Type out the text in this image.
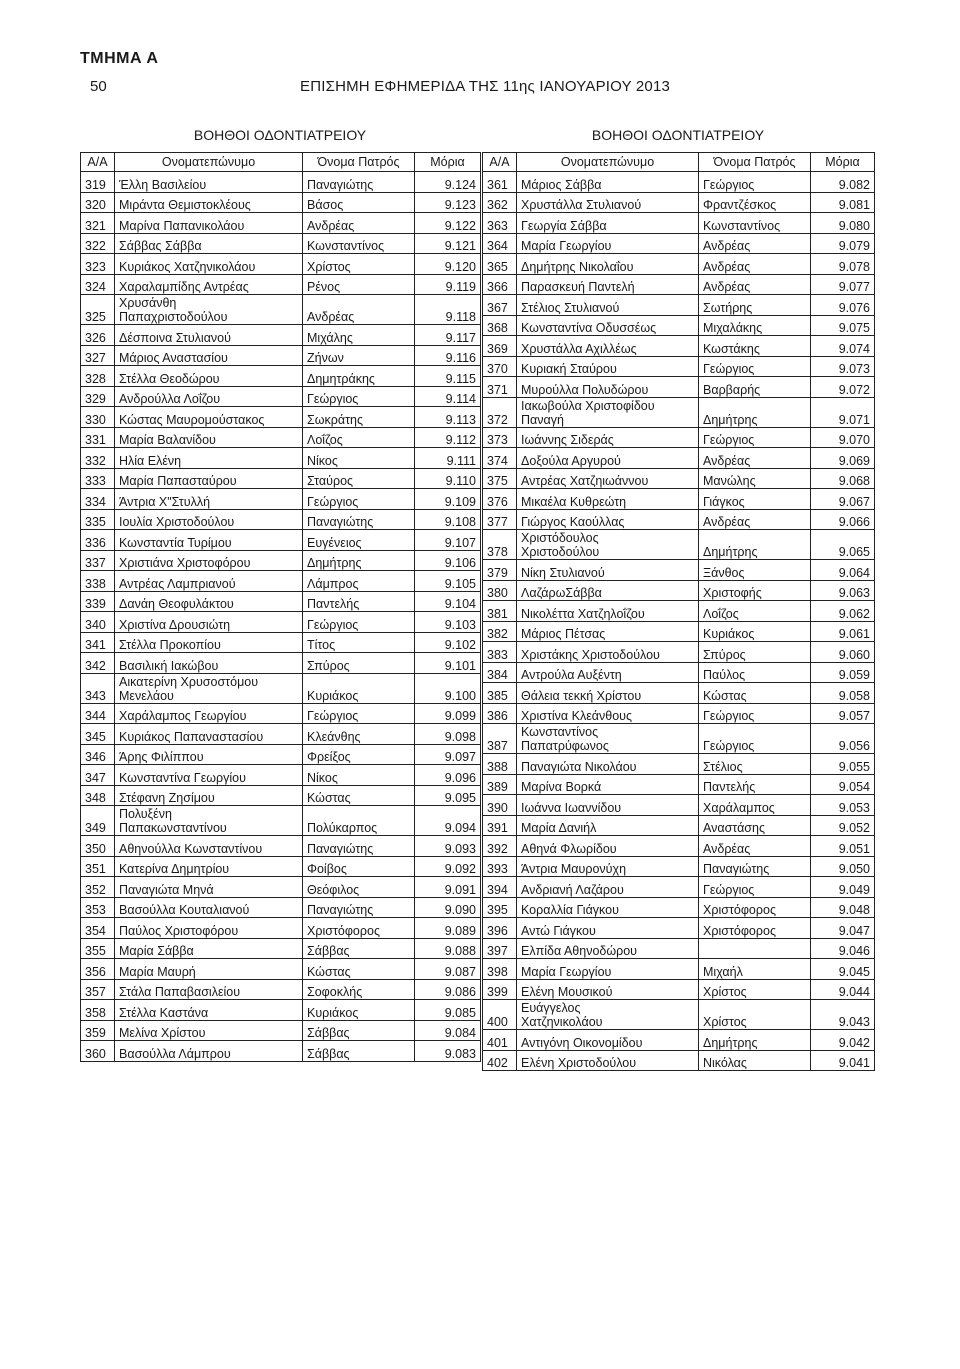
ΤΜΗΜΑ Α
50	ΕΠΙΣΗΜΗ ΕΦΗΜΕΡΙΔΑ ΤΗΣ 11ης ΙΑΝΟΥΑΡΙΟΥ 2013
ΒΟΗΘΟΙ ΟΔΟΝΤΙΑΤΡΕΙΟΥ	ΒΟΗΘΟΙ ΟΔΟΝΤΙΑΤΡΕΙΟΥ
Α/Α	Ονοματεπώνυμο	Όνομα Πατρός	Μόρια
319	Έλλη Βασιλείου	Παναγιώτης	9.124
320	Μιράντα Θεμιστοκλέους	Βάσος	9.123
321	Μαρίνα Παπανικολάου	Ανδρέας	9.122
322	Σάββας Σάββα	Κωνσταντίνος	9.121
323	Κυριάκος Χατζηνικολάου	Χρίστος	9.120
324	Χαραλαμπίδης Αντρέας	Ρένος	9.119
325	Χρυσάνθη
Παπαχριστοδούλου	Ανδρέας	9.118
326	Δέσποινα Στυλιανού	Μιχάλης	9.117
327	Μάριος Αναστασίου	Ζήνων	9.116
328	Στέλλα Θεοδώρου	Δημητράκης	9.115
329	Ανδρούλλα Λοΐζου	Γεώργιος	9.114
330	Κώστας Μαυρομούστακος	Σωκράτης	9.113
331	Μαρία Βαλανίδου	Λοΐζος	9.112
332	Ηλία Ελένη	Νίκος	9.111
333	Μαρία Παπασταύρου	Σταύρος	9.110
334	Άντρια Χ"Στυλλή	Γεώργιος	9.109
335	Ιουλία Χριστοδούλου	Παναγιώτης	9.108
336	Κωνσταντία Τυρίμου	Ευγένειος	9.107
337	Χριστιάνα Χριστοφόρου	Δημήτρης	9.106
338	Αντρέας Λαμπριανού	Λάμπρος	9.105
339	Δανάη Θεοφυλάκτου	Παντελής	9.104
340	Χριστίνα Δρουσιώτη	Γεώργιος	9.103
341	Στέλλα Προκοπίου	Τίτος	9.102
342	Βασιλική Ιακώβου	Σπύρος	9.101
343	Αικατερίνη Χρυσοστόμου
Μενελάου	Κυριάκος	9.100
344	Χαράλαμπος Γεωργίου	Γεώργιος	9.099
345	Κυριάκος Παπαναστασίου	Κλεάνθης	9.098
346	Άρης Φιλίππου	Φρείξος	9.097
347	Κωνσταντίνα Γεωργίου	Νίκος	9.096
348	Στέφανη Ζησίμου	Κώστας	9.095
349	Πολυξένη
Παπακωνσταντίνου	Πολύκαρπος	9.094
350	Αθηνούλλα Κωνσταντίνου	Παναγιώτης	9.093
351	Κατερίνα Δημητρίου	Φοίβος	9.092
352	Παναγιώτα Μηνά	Θεόφιλος	9.091
353	Βασούλλα Κουταλιανού	Παναγιώτης	9.090
354	Παύλος Χριστοφόρου	Χριστόφορος	9.089
355	Μαρία Σάββα	Σάββας	9.088
356	Μαρία Μαυρή	Κώστας	9.087
357	Στάλα Παπαβασιλείου	Σοφοκλής	9.086
358	Στέλλα Καστάνα	Κυριάκος	9.085
359	Μελίνα Χρίστου	Σάββας	9.084
360	Βασούλλα Λάμπρου	Σάββας	9.083
Α/Α	Ονοματεπώνυμο	Όνομα Πατρός	Μόρια
361	Μάριος Σάββα	Γεώργιος	9.082
362	Χρυστάλλα Στυλιανού	Φραντζέσκος	9.081
363	Γεωργία Σάββα	Κωνσταντίνος	9.080
364	Μαρία Γεωργίου	Ανδρέας	9.079
365	Δημήτρης Νικολαΐου	Ανδρέας	9.078
366	Παρασκευή Παντελή	Ανδρέας	9.077
367	Στέλιος Στυλιανού	Σωτήρης	9.076
368	Κωνσταντίνα Οδυσσέως	Μιχαλάκης	9.075
369	Χρυστάλλα Αχιλλέως	Κωστάκης	9.074
370	Κυριακή Σταύρου	Γεώργιος	9.073
371	Μυρούλλα Πολυδώρου	Βαρβαρής	9.072
372	Ιακωβούλα Χριστοφίδου
Παναγή	Δημήτρης	9.071
373	Ιωάννης Σιδεράς	Γεώργιος	9.070
374	Δοξούλα Αργυρού	Ανδρέας	9.069
375	Αντρέας Χατζηιωάννου	Μανώλης	9.068
376	Μικαέλα Κυθρεώτη	Γιάγκος	9.067
377	Γιώργος Καούλλας	Ανδρέας	9.066
378	Χριστόδουλος
Χριστοδούλου	Δημήτρης	9.065
379	Νίκη Στυλιανού	Ξάνθος	9.064
380	ΛαζάρωΣάββα	Χριστοφής	9.063
381	Νικολέττα Χατζηλοΐζου	Λοΐζος	9.062
382	Μάριος Πέτσας	Κυριάκος	9.061
383	Χριστάκης Χριστοδούλου	Σπύρος	9.060
384	Αντρούλα Αυξέντη	Παύλος	9.059
385	Θάλεια τεκκή Χρίστου	Κώστας	9.058
386	Χριστίνα Κλεάνθους	Γεώργιος	9.057
387	Κωνσταντίνος
Παπατρύφωνος	Γεώργιος	9.056
388	Παναγιώτα Νικολάου	Στέλιος	9.055
389	Μαρίνα Βορκά	Παντελής	9.054
390	Ιωάννα Ιωαννίδου	Χαράλαμπος	9.053
391	Μαρία Δανιήλ	Αναστάσης	9.052
392	Αθηνά Φλωρίδου	Ανδρέας	9.051
393	Άντρια Μαυρονύχη	Παναγιώτης	9.050
394	Ανδριανή Λαζάρου	Γεώργιος	9.049
395	Κοραλλία Γιάγκου	Χριστόφορος	9.048
396	Αντώ Γιάγκου	Χριστόφορος	9.047
397	Ελπίδα Αθηνοδώρου		9.046
398	Μαρία Γεωργίου	Μιχαήλ	9.045
399	Ελένη Μουσικού	Χρίστος	9.044
400	Ευάγγελος
Χατζηνικολάου	Χρίστος	9.043
401	Αντιγόνη Οικονομίδου	Δημήτρης	9.042
402	Ελένη Χριστοδούλου	Νικόλας	9.041
